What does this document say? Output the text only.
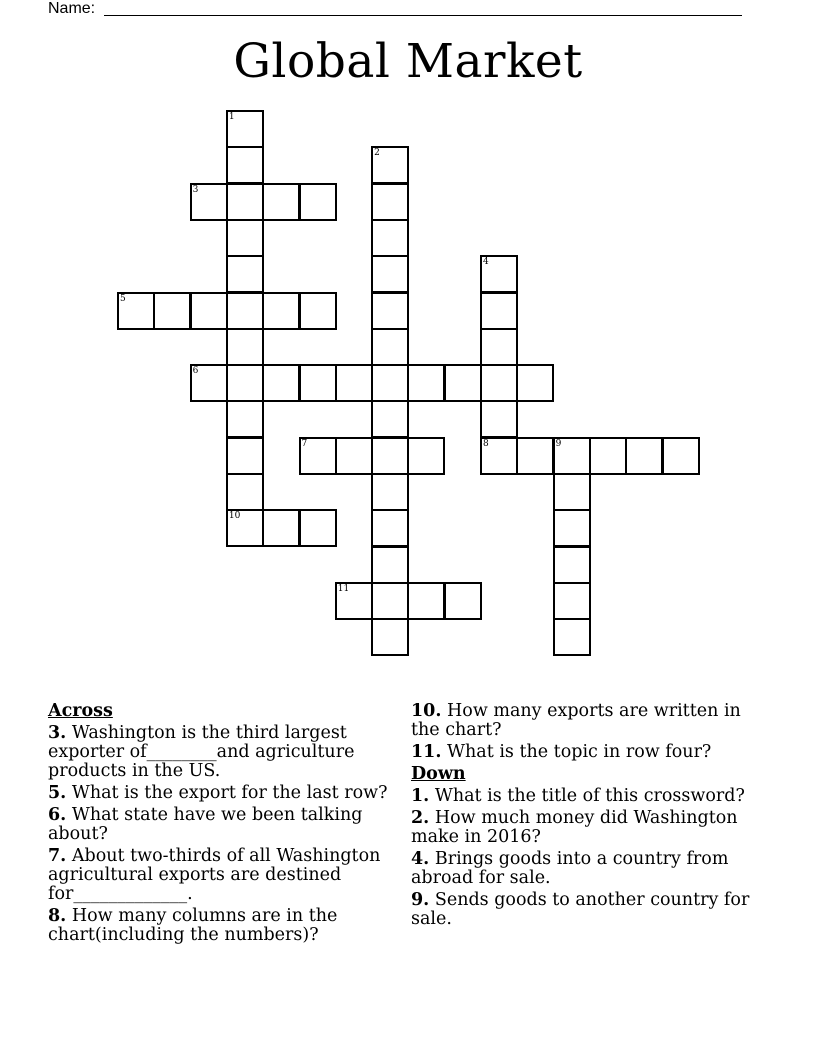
Name:
Global Market
1
2
3
4
8
5
6
7	9
10
11
Across
3. Washington is the third largest exporter of________and agriculture products in the US.
5. What is the export for the last row?
6. What state have we been talking about?
7. About two-thirds of all Washington agricultural exports are destined for_____________.
8. How many columns are in the chart(including the numbers)?
10. How many exports are written in the chart?
11. What is the topic in row four?
Down
1. What is the title of this crossword?
2. How much money did Washington make in 2016?
4. Brings goods into a country from abroad for sale.
9. Sends goods to another country for sale.
